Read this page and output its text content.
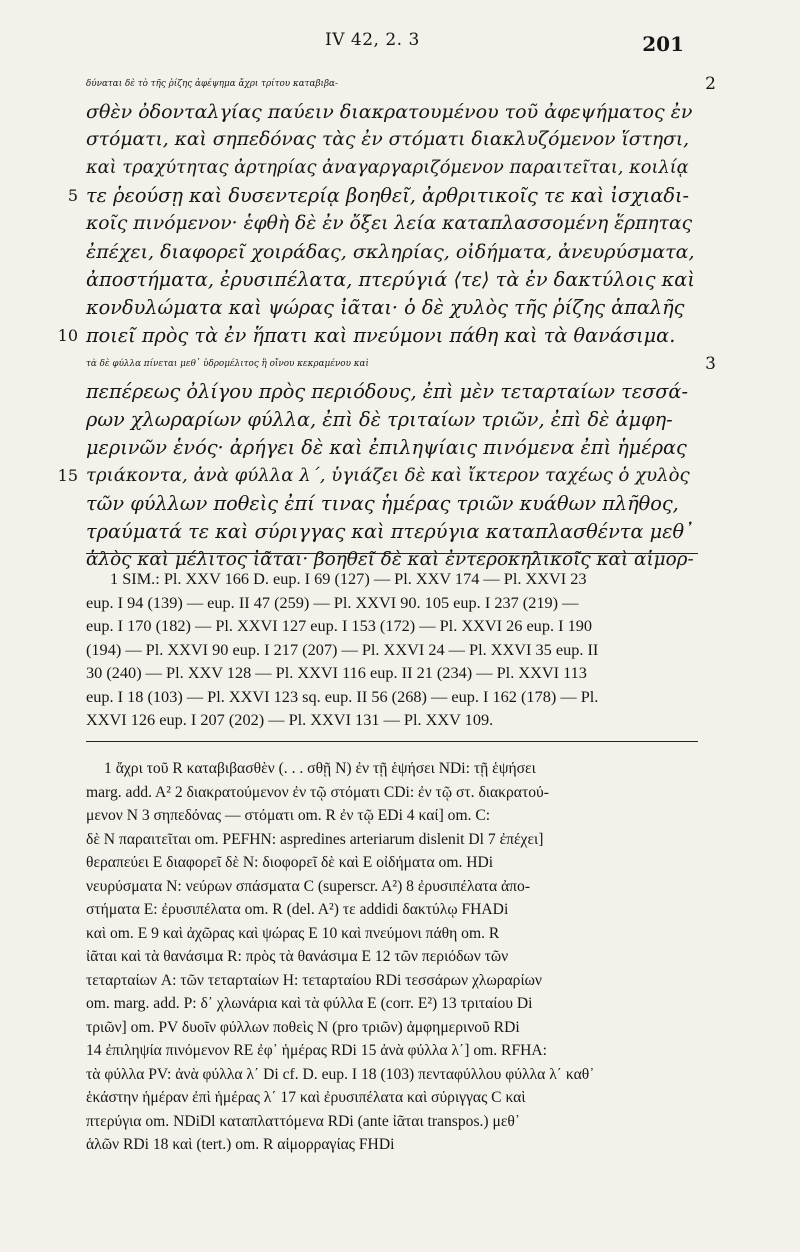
IV 42, 2. 3	201
δύναται δὲ τὸ τῆς ῥίζης ἀφέψημα ἄχρι τρίτου καταβιβα-	2
σθὲν ὀδονταλγίας παύειν διακρατουμένου τοῦ ἀφεψήματος ἐν
στόματι, καὶ σηπεδόνας τὰς ἐν στόματι διακλυζόμενον ἵστησι,
καὶ τραχύτητας ἀρτηρίας ἀναγαργαριζόμενον παραιτεῖται, κοιλίᾳ
5 τε ῥεούσῃ καὶ δυσεντερίᾳ βοηθεῖ, ἀρθριτικοῖς τε καὶ ἰσχιαδι-
κοῖς πινόμενον· ἑφθὴ δὲ ἐν ὄξει λεία καταπλασσομένη ἕρπητας
ἐπέχει, διαφορεῖ χοιράδας, σκληρίας, οἰδήματα, ἀνευρύσματα,
ἀποστήματα, ἐρυσιπέλατα, πτερύγιά ⟨τε⟩ τὰ ἐν δακτύλοις καὶ
κονδυλώματα καὶ ψώρας ἰᾶται· ὁ δὲ χυλὸς τῆς ῥίζης ἁπαλῆς
10 ποιεῖ πρὸς τὰ ἐν ἥπατι καὶ πνεύμονι πάθη καὶ τὰ θανάσιμα.
τὰ δὲ φύλλα πίνεται μεθ᾽ ὑδρομέλιτος ἢ οἴνου κεκραμένου καὶ	3
πεπέρεως ὀλίγου πρὸς περιόδους, ἐπὶ μὲν τεταρταίων τεσσά-
ρων χλωραρίων φύλλα, ἐπὶ δὲ τριταίων τριῶν, ἐπὶ δὲ ἀμφη-
μερινῶν ἑνός· ἀρήγει δὲ καὶ ἐπιληψίαις πινόμενα ἐπὶ ἡμέρας
15 τριάκοντα, ἀνὰ φύλλα λ΄, ὑγιάζει δὲ καὶ ἴκτερον ταχέως ὁ χυλὸς
τῶν φύλλων ποθεὶς ἐπί τινας ἡμέρας τριῶν κυάθων πλῆθος,
τραύματά τε καὶ σύριγγας καὶ πτερύγια καταπλασθέντα μεθ᾽
ἁλὸς καὶ μέλιτος ἰᾶται· βοηθεῖ δὲ καὶ ἐντεροκηλικοῖς καὶ αἱμορ-
1 SIM.: Pl. XXV 166 D. eup. I 69 (127) — Pl. XXV 174 — Pl. XXVI 23
eup. I 94 (139) — eup. II 47 (259) — Pl. XXVI 90. 105 eup. I 237 (219) —
eup. I 170 (182) — Pl. XXVI 127 eup. I 153 (172) — Pl. XXVI 26 eup. I 190
(194) — Pl. XXVI 90 eup. I 217 (207) — Pl. XXVI 24 — Pl. XXVI 35 eup. II
30 (240) — Pl. XXV 128 — Pl. XXVI 116 eup. II 21 (234) — Pl. XXVI 113
eup. I 18 (103) — Pl. XXVI 123 sq. eup. II 56 (268) — eup. I 162 (178) — Pl.
XXVI 126 eup. I 207 (202) — Pl. XXVI 131 — Pl. XXV 109.
1 ἄχρι τοῦ R καταβιβασθὲν (. . . σθῇ N) ἐν τῇ ἑψήσει NDi: τῇ ἑψήσει
marg. add. A² 2 διακρατούμενον ἐν τῷ στόματι CDi: ἐν τῷ στ. διακρατού-
μενον N 3 σηπεδόνας — στόματι om. R ἐν τῷ EDi 4 καί] om. C:
δὲ N παραιτεῖται om. PEFHN: aspredines arteriarum dislenit Dl 7 ἐπέχει]
θεραπεύει E διαφορεῖ δὲ N: διοφορεῖ δὲ καὶ E οἰδήματα om. HDi
νευρύσματα N: νεύρων σπάσματα C (superscr. A²) 8 ἐρυσιπέλατα ἀπο-
στήματα E: ἐρυσιπέλατα om. R (del. A²) τε addidi δακτύλῳ FHADi
καὶ om. E 9 καὶ ἀχῶρας καὶ ψώρας E 10 καὶ πνεύμονι πάθη om. R
ἰᾶται καὶ τὰ θανάσιμα R: πρὸς τὰ θανάσιμα E 12 τῶν περιόδων τῶν
τεταρταίων A: τῶν τεταρταίων H: τεταρταίου RDi τεσσάρων χλωραρίων
om. marg. add. P: δ᾽ χλωνάρια καὶ τὰ φύλλα E (corr. E²) 13 τριταίου Di
τριῶν] om. PV δυοῖν φύλλων ποθεὶς N (pro τριῶν) ἀμφημερινοῦ RDi
14 ἐπιληψία πινόμενον RE ἐφ᾽ ἡμέρας RDi 15 ἀνὰ φύλλα λ΄] om. RFHA:
τὰ φύλλα PV: ἀνὰ φύλλα λ΄ Di cf. D. eup. I 18 (103) πενταφύλλου φύλλα λ΄ καθ᾽
ἑκάστην ἡμέραν ἐπὶ ἡμέρας λ΄ 17 καὶ ἐρυσιπέλατα καὶ σύριγγας C καὶ
πτερύγια om. NDiDl καταπλαττόμενα RDi (ante ἰᾶται transpos.) μεθ᾽
ἁλῶν RDi 18 καὶ (tert.) om. R αἱμορραγίας FHDi
